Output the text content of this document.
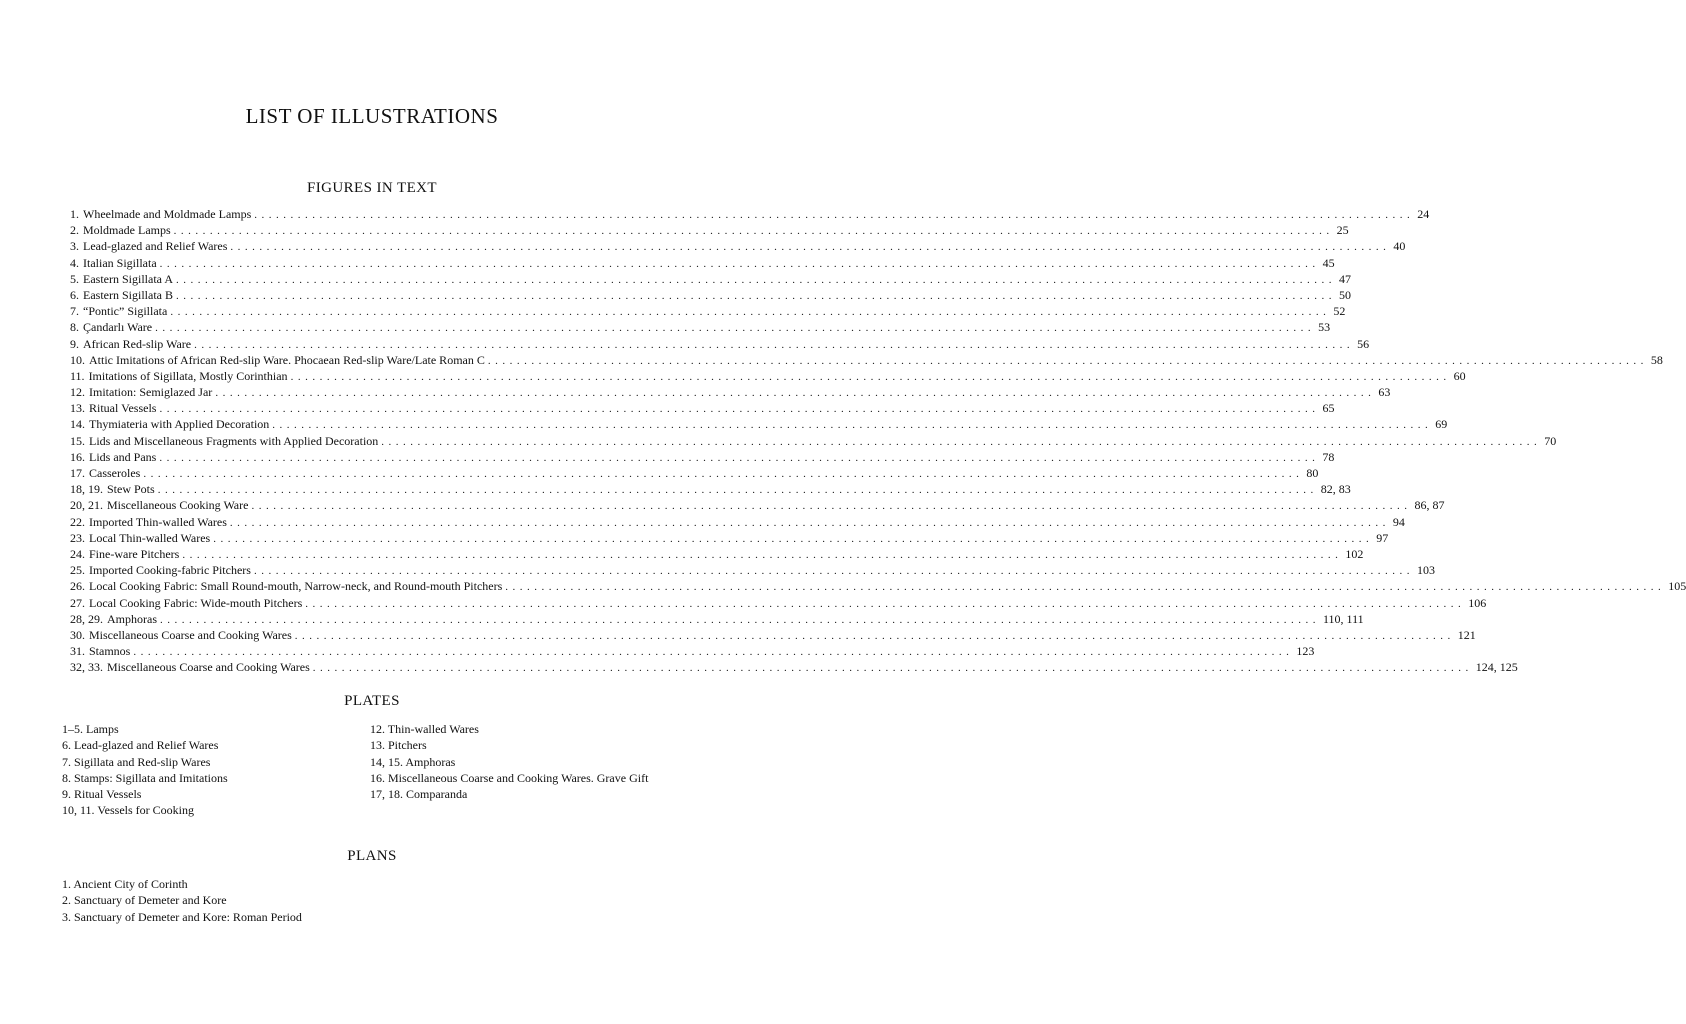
LIST OF ILLUSTRATIONS
FIGURES IN TEXT
1. Wheelmade and Moldmade Lamps ................................................................................................................................................................ 24
2. Moldmade Lamps ................................................................................................................................................................ 25
3. Lead-glazed and Relief Wares ................................................................................................................................................................ 40
4. Italian Sigillata ................................................................................................................................................................ 45
5. Eastern Sigillata A ................................................................................................................................................................ 47
6. Eastern Sigillata B ................................................................................................................................................................ 50
7. “Pontic” Sigillata ................................................................................................................................................................ 52
8. Çandarlı Ware ................................................................................................................................................................ 53
9. African Red-slip Ware ................................................................................................................................................................ 56
10. Attic Imitations of African Red-slip Ware. Phocaean Red-slip Ware/Late Roman C ................................................................................................................................................................ 58
11. Imitations of Sigillata, Mostly Corinthian ................................................................................................................................................................ 60
12. Imitation: Semiglazed Jar ................................................................................................................................................................ 63
13. Ritual Vessels ................................................................................................................................................................ 65
14. Thymiateria with Applied Decoration ................................................................................................................................................................ 69
15. Lids and Miscellaneous Fragments with Applied Decoration ................................................................................................................................................................ 70
16. Lids and Pans ................................................................................................................................................................ 78
17. Casseroles ................................................................................................................................................................ 80
18, 19. Stew Pots ................................................................................................................................................................ 82, 83
20, 21. Miscellaneous Cooking Ware ................................................................................................................................................................ 86, 87
22. Imported Thin-walled Wares ................................................................................................................................................................ 94
23. Local Thin-walled Wares ................................................................................................................................................................ 97
24. Fine-ware Pitchers ................................................................................................................................................................ 102
25. Imported Cooking-fabric Pitchers ................................................................................................................................................................ 103
26. Local Cooking Fabric: Small Round-mouth, Narrow-neck, and Round-mouth Pitchers ................................................................................................................................................................ 105
27. Local Cooking Fabric: Wide-mouth Pitchers ................................................................................................................................................................ 106
28, 29. Amphoras ................................................................................................................................................................ 110, 111
30. Miscellaneous Coarse and Cooking Wares ................................................................................................................................................................ 121
31. Stamnos ................................................................................................................................................................ 123
32, 33. Miscellaneous Coarse and Cooking Wares ................................................................................................................................................................ 124, 125
PLATES
1–5. Lamps
6. Lead-glazed and Relief Wares
7. Sigillata and Red-slip Wares
8. Stamps: Sigillata and Imitations
9. Ritual Vessels
10, 11. Vessels for Cooking
12. Thin-walled Wares
13. Pitchers
14, 15. Amphoras
16. Miscellaneous Coarse and Cooking Wares. Grave Gift
17, 18. Comparanda
PLANS
1. Ancient City of Corinth
2. Sanctuary of Demeter and Kore
3. Sanctuary of Demeter and Kore: Roman Period
